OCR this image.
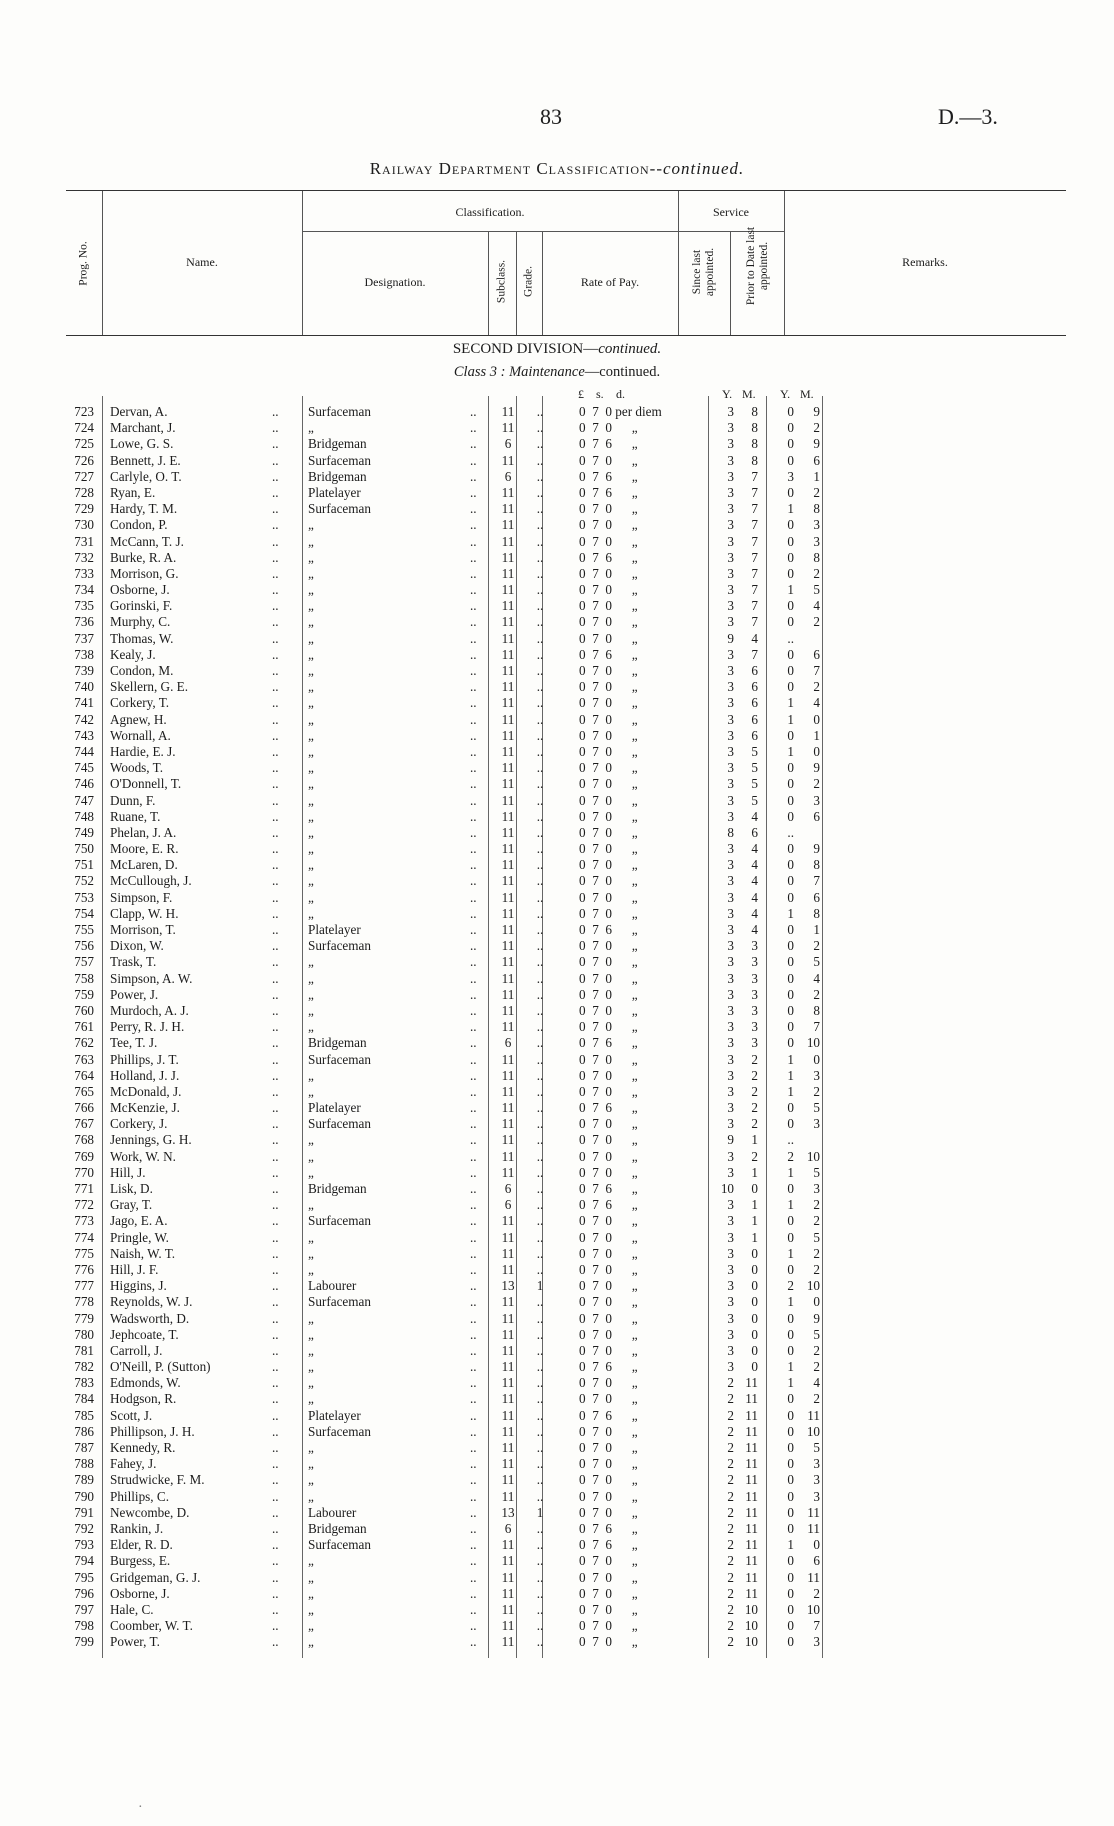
83	D.—3.
Railway Department Classification--continued.
Prog. No.	Name.
Classification.
Designation.	Subclass. Grade.	Rate of Pay.
Service
Since last appointed.	Prior to Date last appointed.	Remarks.
SECOND DIVISION—continued.
Class 3 : Maintenance—continued.
£ s. d.	Y. M. Y. M.
723 Dervan, A.	.. Surfaceman	..	11	..	0  7  0 per diem	3	8	0	9
724 Marchant, J.	.. „	..	11	..	0  7  0      „	3	8	0	2
725 Lowe, G. S.	.. Bridgeman	..	6	..	0  7  6      „	3	8	0	9
726 Bennett, J. E.	.. Surfaceman	..	11	..	0  7  0      „	3	8	0	6
727 Carlyle, O. T.	.. Bridgeman	..	6	..	0  7  6      „	3	7	3	1
728 Ryan, E.	.. Platelayer	..	11	..	0  7  6      „	3	7	0	2
729 Hardy, T. M.	.. Surfaceman	..	11	..	0  7  0      „	3	7	1	8
730 Condon, P.	.. „	..	11	..	0  7  0      „	3	7	0	3
731 McCann, T. J.	.. „	..	11	..	0  7  0      „	3	7	0	3
732 Burke, R. A.	.. „	..	11	..	0  7  6      „	3	7	0	8
733 Morrison, G.	.. „	..	11	..	0  7  0      „	3	7	0	2
734 Osborne, J.	.. „	..	11	..	0  7  0      „	3	7	1	5
735 Gorinski, F.	.. „	..	11	..	0  7  0      „	3	7	0	4
736 Murphy, C.	.. „	..	11	..	0  7  0      „	3	7	0	2
737 Thomas, W.	.. „	..	11	..	0  7  0      „	9	4	..
738 Kealy, J.	.. „	..	11	..	0  7  6      „	3	7	0	6
739 Condon, M.	.. „	..	11	..	0  7  0      „	3	6	0	7
740 Skellern, G. E.	.. „	..	11	..	0  7  0      „	3	6	0	2
741 Corkery, T.	.. „	..	11	..	0  7  0      „	3	6	1	4
742 Agnew, H.	.. „	..	11	..	0  7  0      „	3	6	1	0
743 Wornall, A.	.. „	..	11	..	0  7  0      „	3	6	0	1
744 Hardie, E. J.	.. „	..	11	..	0  7  0      „	3	5	1	0
745 Woods, T.	.. „	..	11	..	0  7  0      „	3	5	0	9
746 O'Donnell, T.	.. „	..	11	..	0  7  0      „	3	5	0	2
747 Dunn, F.	.. „	..	11	..	0  7  0      „	3	5	0	3
748 Ruane, T.	.. „	..	11	..	0  7  0      „	3	4	0	6
749 Phelan, J. A.	.. „	..	11	..	0  7  0      „	8	6	..
750 Moore, E. R.	.. „	..	11	..	0  7  0      „	3	4	0	9
751 McLaren, D.	.. „	..	11	..	0  7  0      „	3	4	0	8
752 McCullough, J.	.. „	..	11	..	0  7  0      „	3	4	0	7
753 Simpson, F.	.. „	..	11	..	0  7  0      „	3	4	0	6
754 Clapp, W. H.	.. „	..	11	..	0  7  0      „	3	4	1	8
755 Morrison, T.	.. Platelayer	..	11	..	0  7  6      „	3	4	0	1
756 Dixon, W.	.. Surfaceman	..	11	..	0  7  0      „	3	3	0	2
757 Trask, T.	.. „	..	11	..	0  7  0      „	3	3	0	5
758 Simpson, A. W.	.. „	..	11	..	0  7  0      „	3	3	0	4
759 Power, J.	.. „	..	11	..	0  7  0      „	3	3	0	2
760 Murdoch, A. J.	.. „	..	11	..	0  7  0      „	3	3	0	8
761 Perry, R. J. H.	.. „	..	11	..	0  7  0      „	3	3	0	7
762 Tee, T. J.	.. Bridgeman	..	6	..	0  7  6      „	3	3	0 10
763 Phillips, J. T.	.. Surfaceman	..	11	..	0  7  0      „	3	2	1	0
764 Holland, J. J.	.. „	..	11	..	0  7  0      „	3	2	1	3
765 McDonald, J.	.. „	..	11	..	0  7  0      „	3	2	1	2
766 McKenzie, J.	.. Platelayer	..	11	..	0  7  6      „	3	2	0	5
767 Corkery, J.	.. Surfaceman	..	11	..	0  7  0      „	3	2	0	3
768 Jennings, G. H.	.. „	..	11	..	0  7  0      „	9	1	..
769 Work, W. N.	.. „	..	11	..	0  7  0      „	3	2	2 10
770 Hill, J.	.. „	..	11	..	0  7  0      „	3	1	1	5
771 Lisk, D.	.. Bridgeman	..	6	..	0  7  6      „	10	0	0	3
772 Gray, T.	.. „	..	6	..	0  7  6      „	3	1	1	2
773 Jago, E. A.	.. Surfaceman	..	11	..	0  7  0      „	3	1	0	2
774 Pringle, W.	.. „	..	11	..	0  7  0      „	3	1	0	5
775 Naish, W. T.	.. „	..	11	..	0  7  0      „	3	0	1	2
776 Hill, J. F.	.. „	..	11	..	0  7  0      „	3	0	0	2
777 Higgins, J.	.. Labourer	..	13	1	0  7  0      „	3	0	2 10
778 Reynolds, W. J.	.. Surfaceman	..	11	..	0  7  0      „	3	0	1	0
779 Wadsworth, D.	.. „	..	11	..	0  7  0      „	3	0	0	9
780 Jephcoate, T.	.. „	..	11	..	0  7  0      „	3	0	0	5
781 Carroll, J.	.. „	..	11	..	0  7  0      „	3	0	0	2
782 O'Neill, P. (Sutton)	.. „	..	11	..	0  7  6      „	3	0	1	2
783 Edmonds, W.	.. „	..	11	..	0  7  0      „	2 11	1	4
784 Hodgson, R.	.. „	..	11	..	0  7  0      „	2 11	0	2
785 Scott, J.	.. Platelayer	..	11	..	0  7  6      „	2 11	0	11
786 Phillipson, J. H.	.. Surfaceman	..	11	..	0  7  0      „	2 11	0 10
787 Kennedy, R.	.. „	..	11	..	0  7  0      „	2 11	0	5
788 Fahey, J.	.. „	..	11	..	0  7  0      „	2 11	0	3
789 Strudwicke, F. M.	.. „	..	11	..	0  7  0      „	2 11	0	3
790 Phillips, C.	.. „	..	11	..	0  7  0      „	2 11	0	3
791 Newcombe, D.	.. Labourer	..	13	1	0  7  0      „	2 11	0	11
792 Rankin, J.	.. Bridgeman	..	6	..	0  7  6      „	2 11	0	11
793 Elder, R. D.	.. Surfaceman	..	11	..	0  7  6      „	2 11	1	0
794 Burgess, E.	.. „	..	11	..	0  7  0      „	2 11	0	6
795 Gridgeman, G. J.	.. „	..	11	..	0  7  0      „	2 11	0	11
796 Osborne, J.	.. „	..	11	..	0  7  0      „	2 11	0	2
797 Hale, C.	.. „	..	11	..	0  7  0      „	2 10	0 10
798 Coomber, W. T.	.. „	..	11	..	0  7  0      „	2 10	0	7
799 Power, T.	.. „	..	11	..	0  7  0      „	2 10	0	3
·
